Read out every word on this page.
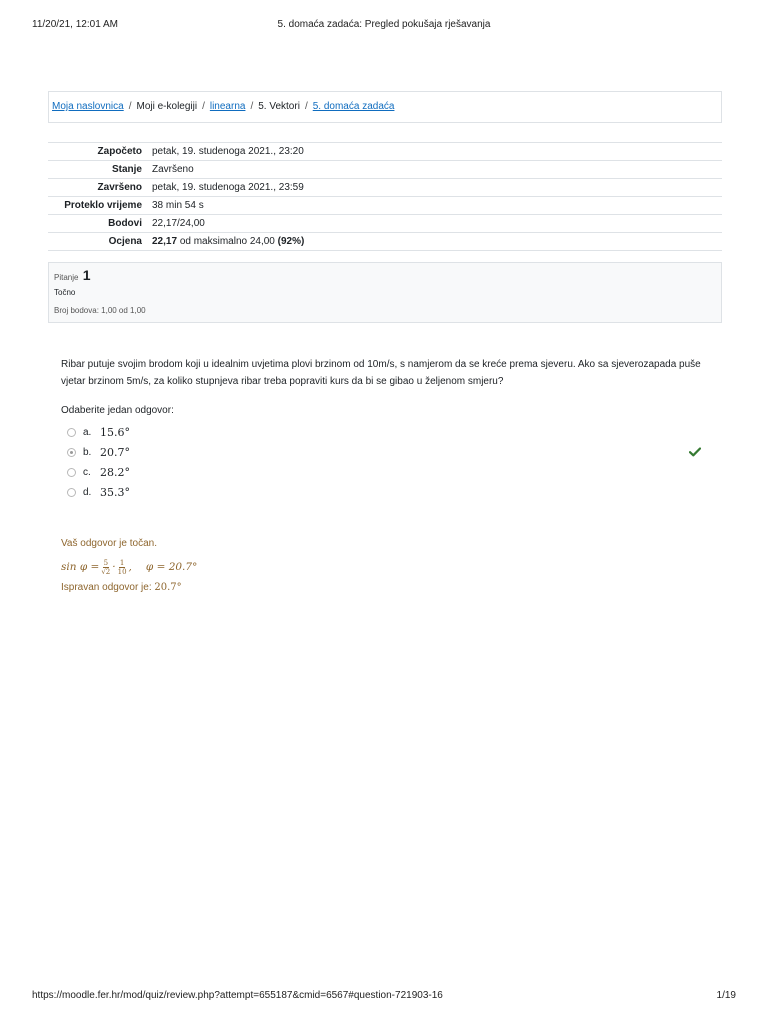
11/20/21, 12:01 AM	5. domaća zadaća: Pregled pokušaja rješavanja
Moja naslovnica / Moji e-kolegiji / linearna / 5. Vektori / 5. domaća zadaća
Započeto	petak, 19. studenoga 2021., 23:20
Stanje	Završeno
Završeno	petak, 19. studenoga 2021., 23:59
Proteklo vrijeme	38 min 54 s
Bodovi	22,17/24,00
Ocjena	22,17 od maksimalno 24,00 (92%)
Pitanje 1
Točno
Broj bodova: 1,00 od 1,00
Ribar putuje svojim brodom koji u idealnim uvjetima plovi brzinom od 10m/s, s namjerom da se kreće prema sjeveru. Ako sa sjeverozapada puše vjetar brzinom 5m/s, za koliko stupnjeva ribar treba popraviti kurs da bi se gibao u željenom smjeru?
Odaberite jedan odgovor:
a. 15.6°
b. 20.7°
c. 28.2°
d. 35.3°
Vaš odgovor je točan.
$\sin \varphi = \frac{5}{√2} \cdot \frac{1}{10}$ , φ = 20.7°
Ispravan odgovor je: 20.7°
https://moodle.fer.hr/mod/quiz/review.php?attempt=655187&cmid=6567#question-721903-16	1/19
